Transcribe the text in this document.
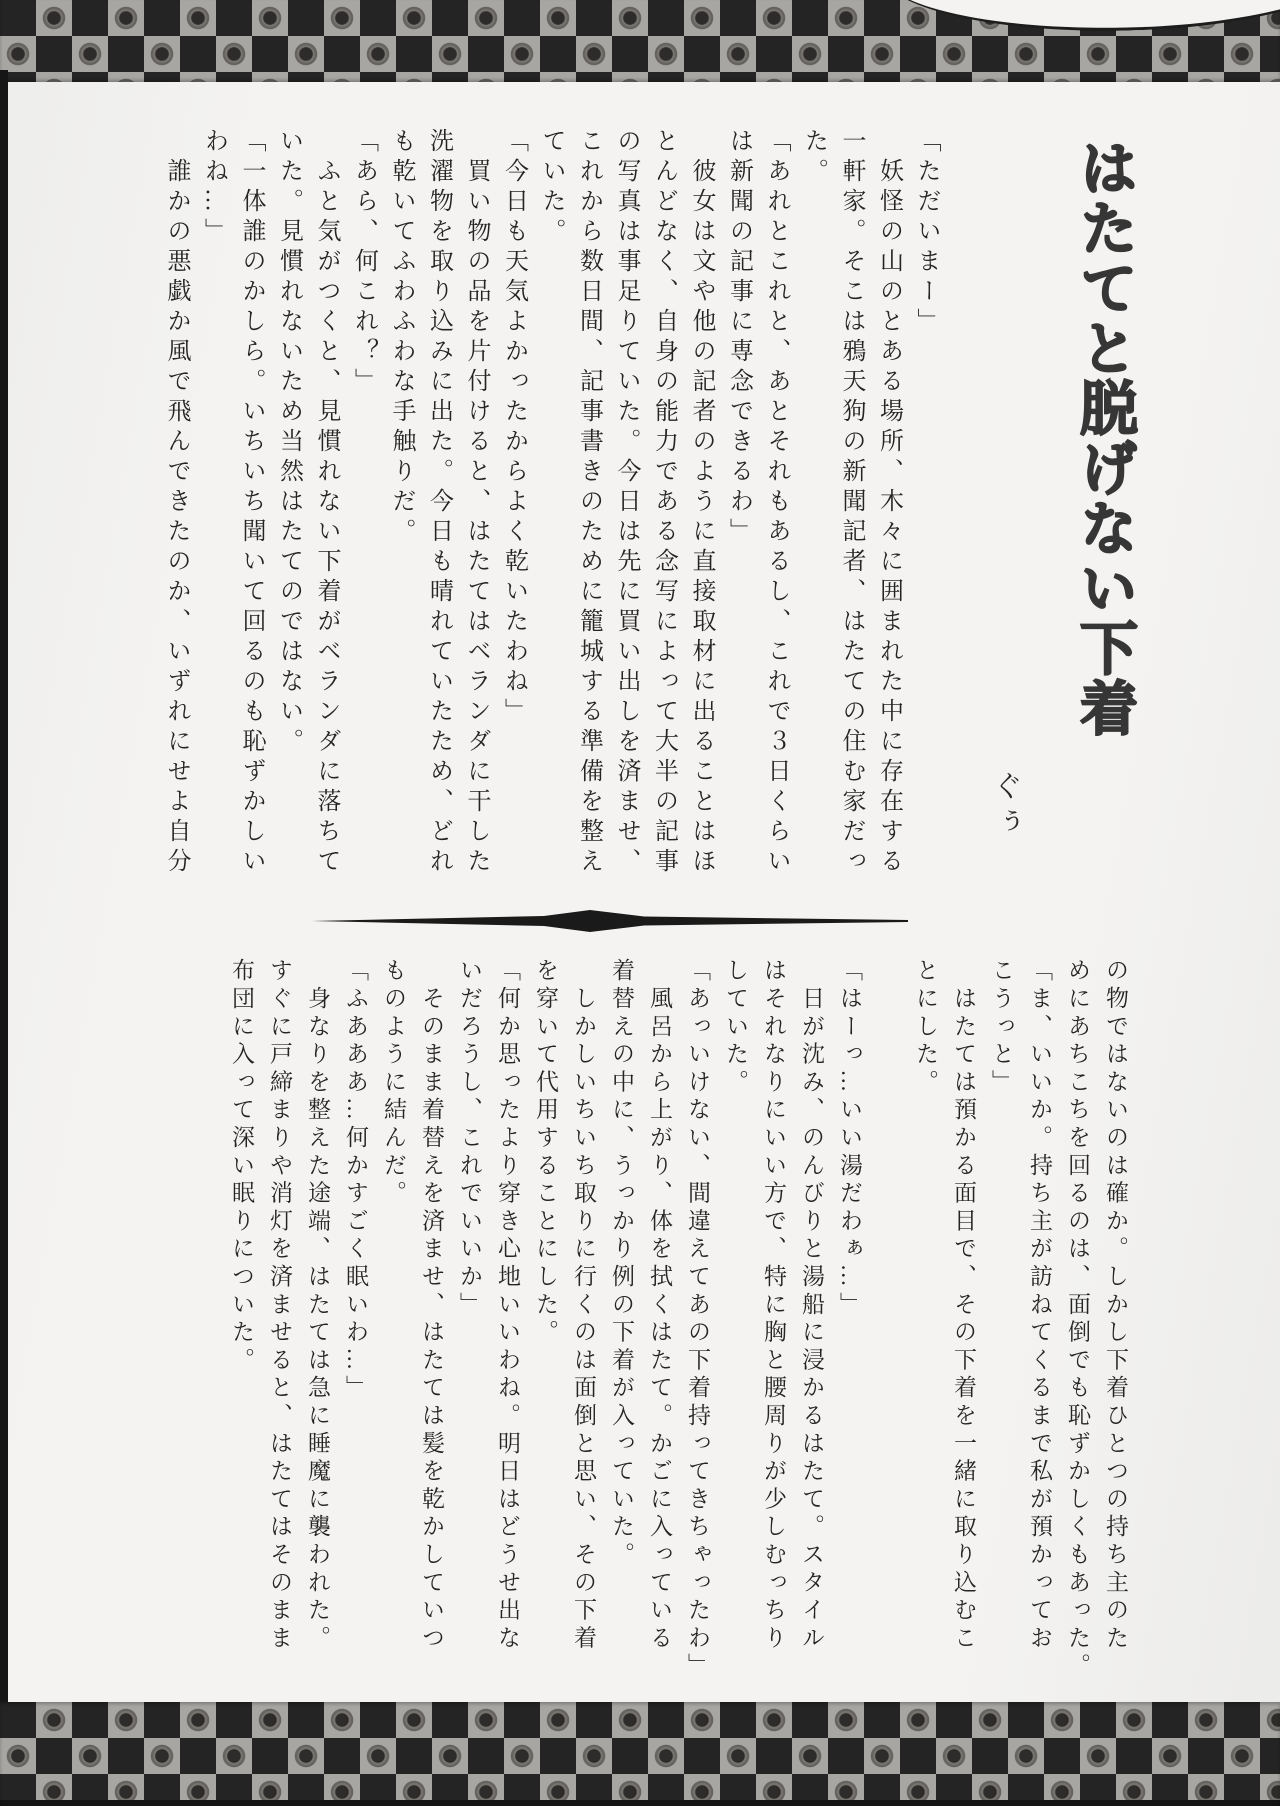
はたてと脱げない下着
ぐぅ

「ただいまー」

　妖怪の山のとある場所、木々に囲まれた中に存在する

一軒家。そこは鴉天狗の新聞記者、はたての住む家だっ

た。

「あれとこれと、あとそれもあるし、これで３日くらい

は新聞の記事に専念できるわ」

　彼女は文や他の記者のように直接取材に出ることはほ

とんどなく、自身の能力である念写によって大半の記事

の写真は事足りていた。今日は先に買い出しを済ませ、

これから数日間、記事書きのために籠城する準備を整え

ていた。

「今日も天気よかったからよく乾いたわね」

　買い物の品を片付けると、はたてはベランダに干した

洗濯物を取り込みに出た。今日も晴れていたため、どれ

も乾いてふわふわな手触りだ。

「あら、何これ？」

　ふと気がつくと、見慣れない下着がベランダに落ちて

いた。見慣れないため当然はたてのではない。

「一体誰のかしら。いちいち聞いて回るのも恥ずかしい

わね…」

　誰かの悪戯か風で飛んできたのか、いずれにせよ自分

の物ではないのは確か。しかし下着ひとつの持ち主のた

めにあちこちを回るのは、面倒でも恥ずかしくもあった。

「ま、いいか。持ち主が訪ねてくるまで私が預かってお

こうっと」

　はたては預かる面目で、その下着を一緒に取り込むこ

とにした。

「はーっ…いい湯だわぁ…」

　日が沈み、のんびりと湯船に浸かるはたて。スタイル

はそれなりにいい方で、特に胸と腰周りが少しむっちり

していた。

「あっいけない、間違えてあの下着持ってきちゃったわ」

　風呂から上がり、体を拭くはたて。かごに入っている

着替えの中に、うっかり例の下着が入っていた。

　しかしいちいち取りに行くのは面倒と思い、その下着

を穿いて代用することにした。

「何か思ったより穿き心地いいわね。明日はどうせ出な

いだろうし、これでいいか」

　そのまま着替えを済ませ、はたては髪を乾かしていつ

ものように結んだ。

「ふあああ…何かすごく眠いわ…」

　身なりを整えた途端、はたては急に睡魔に襲われた。

すぐに戸締まりや消灯を済ませると、はたてはそのまま

布団に入って深い眠りについた。
